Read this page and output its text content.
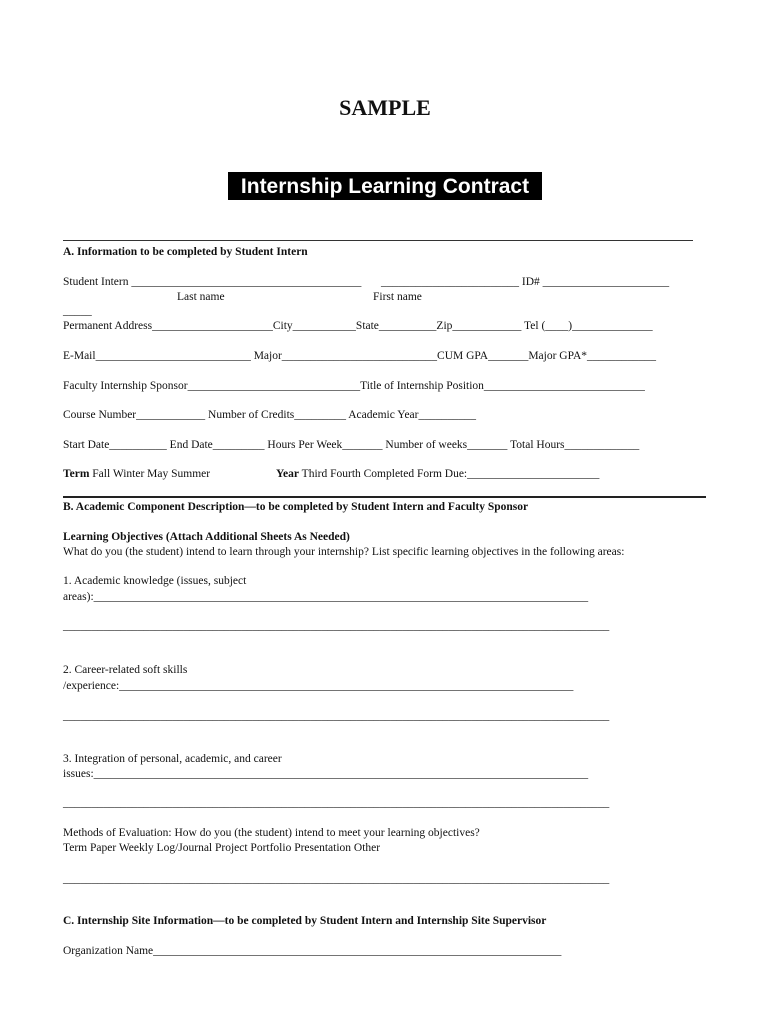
SAMPLE
Internship Learning Contract
A. Information to be completed by Student Intern
Student Intern ________________________________________ ________________________ ID# ______________________
Last name	First name
_____
Permanent Address_____________________City___________State__________Zip____________ Tel (____)______________
E-Mail___________________________ Major___________________________CUM GPA_______Major GPA*____________
Faculty Internship Sponsor______________________________Title of Internship Position____________________________
Course Number____________ Number of Credits_________ Academic Year__________
Start Date__________ End Date_________ Hours Per Week_______ Number of weeks_______ Total Hours_____________
Term Fall Winter May Summer	Year Third Fourth Completed Form Due:_______________________
B. Academic Component Description—to be completed by Student Intern and Faculty Sponsor
Learning Objectives (Attach Additional Sheets As Needed)
What do you (the student) intend to learn through your internship? List specific learning objectives in the following areas:
1. Academic knowledge (issues, subject
areas):______________________________________________________________________________________
_______________________________________________________________________________________________
2. Career-related soft skills
/experience:_______________________________________________________________________________
_______________________________________________________________________________________________
3. Integration of personal, academic, and career
issues:______________________________________________________________________________________
_______________________________________________________________________________________________
Methods of Evaluation: How do you (the student) intend to meet your learning objectives?
Term Paper Weekly Log/Journal Project Portfolio Presentation Other
_______________________________________________________________________________________________
C. Internship Site Information—to be completed by Student Intern and Internship Site Supervisor
Organization Name_______________________________________________________________________
